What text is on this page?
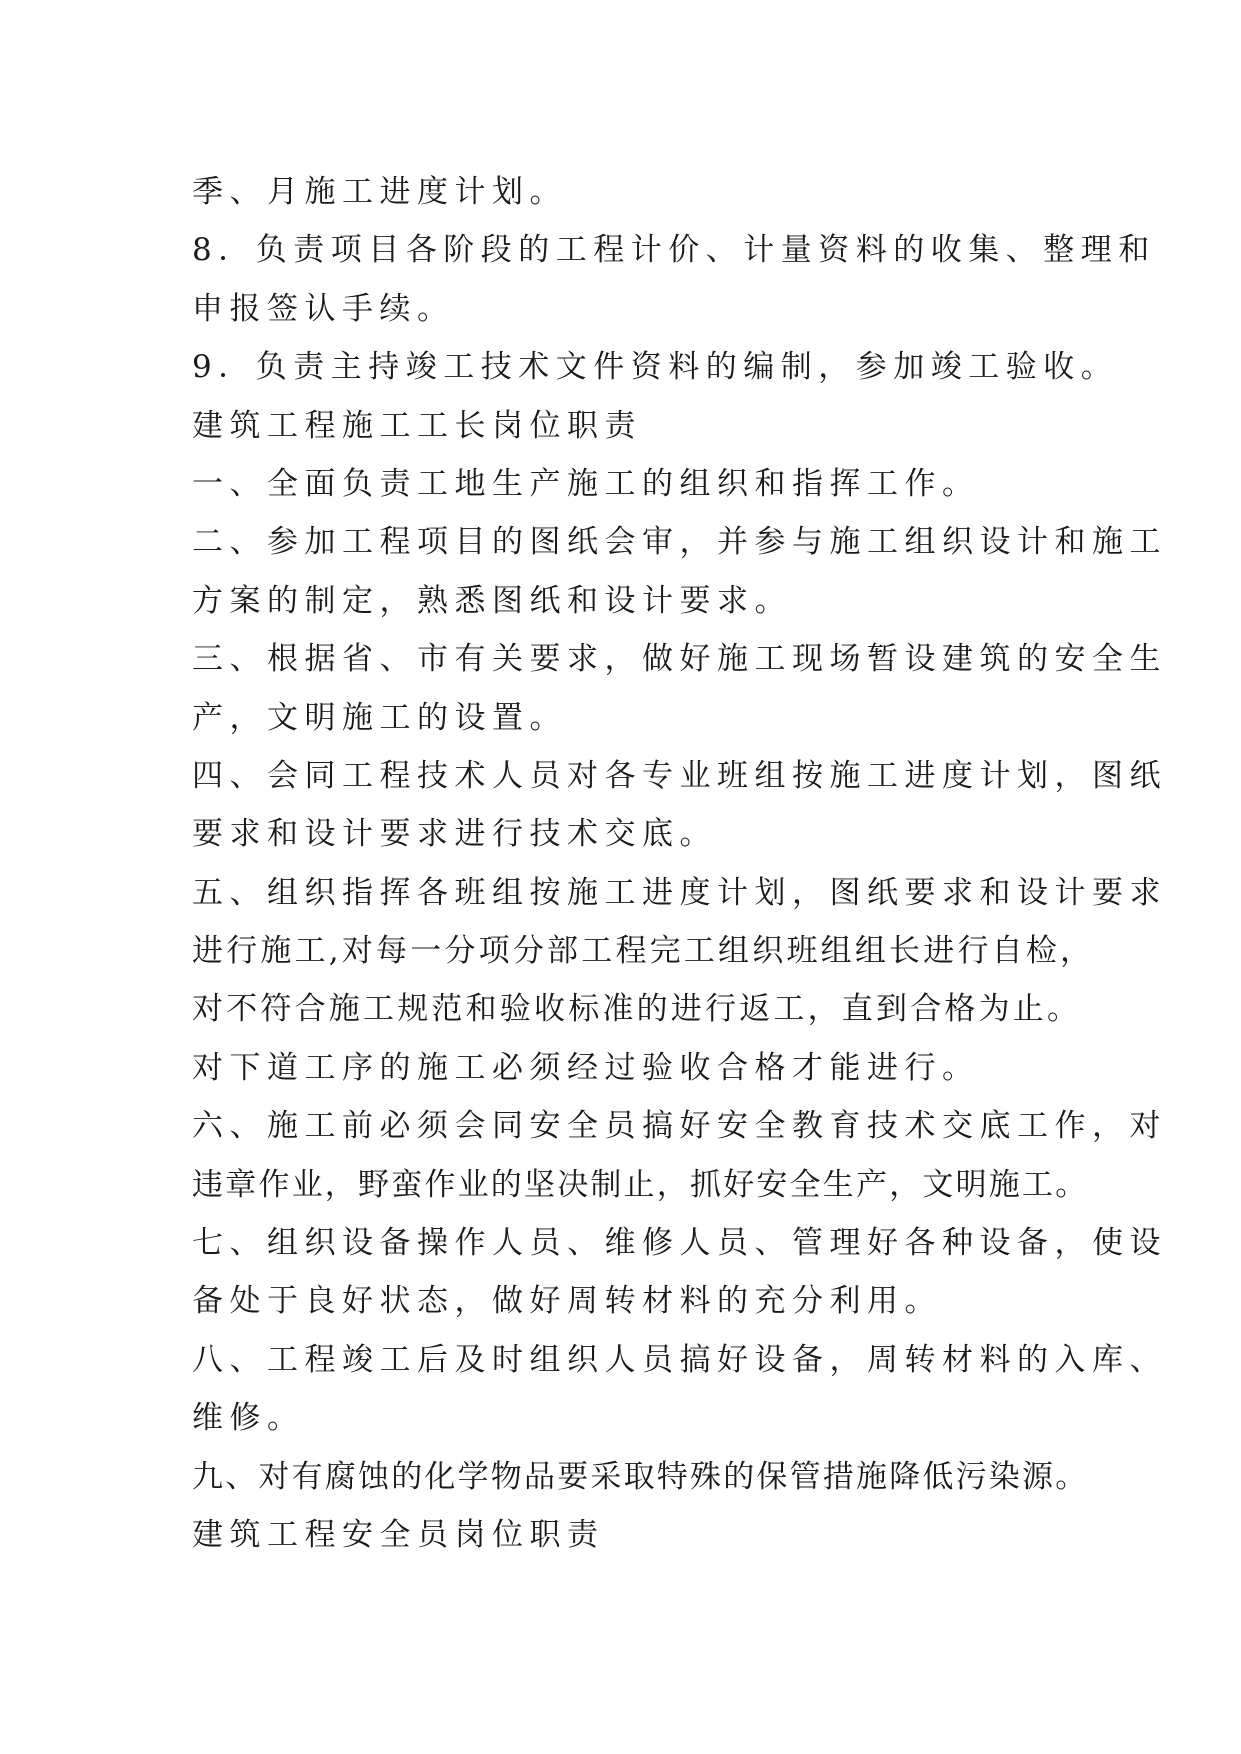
季、月施工进度计划。
8．负责项目各阶段的工程计价、计量资料的收集、整理和
申报签认手续。
9．负责主持竣工技术文件资料的编制，参加竣工验收。
建筑工程施工工长岗位职责
一、全面负责工地生产施工的组织和指挥工作。
二、参加工程项目的图纸会审，并参与施工组织设计和施工
方案的制定，熟悉图纸和设计要求。
三、根据省、市有关要求，做好施工现场暂设建筑的安全生
产，文明施工的设置。
四、会同工程技术人员对各专业班组按施工进度计划，图纸
要求和设计要求进行技术交底。
五、组织指挥各班组按施工进度计划，图纸要求和设计要求
进行施工,对每一分项分部工程完工组织班组组长进行自检，
对不符合施工规范和验收标准的进行返工，直到合格为止。
对下道工序的施工必须经过验收合格才能进行。
六、施工前必须会同安全员搞好安全教育技术交底工作，对
违章作业，野蛮作业的坚决制止，抓好安全生产，文明施工。
七、组织设备操作人员、维修人员、管理好各种设备，使设
备处于良好状态，做好周转材料的充分利用。
八、工程竣工后及时组织人员搞好设备，周转材料的入库、
维修。
九、对有腐蚀的化学物品要采取特殊的保管措施降低污染源。
建筑工程安全员岗位职责
